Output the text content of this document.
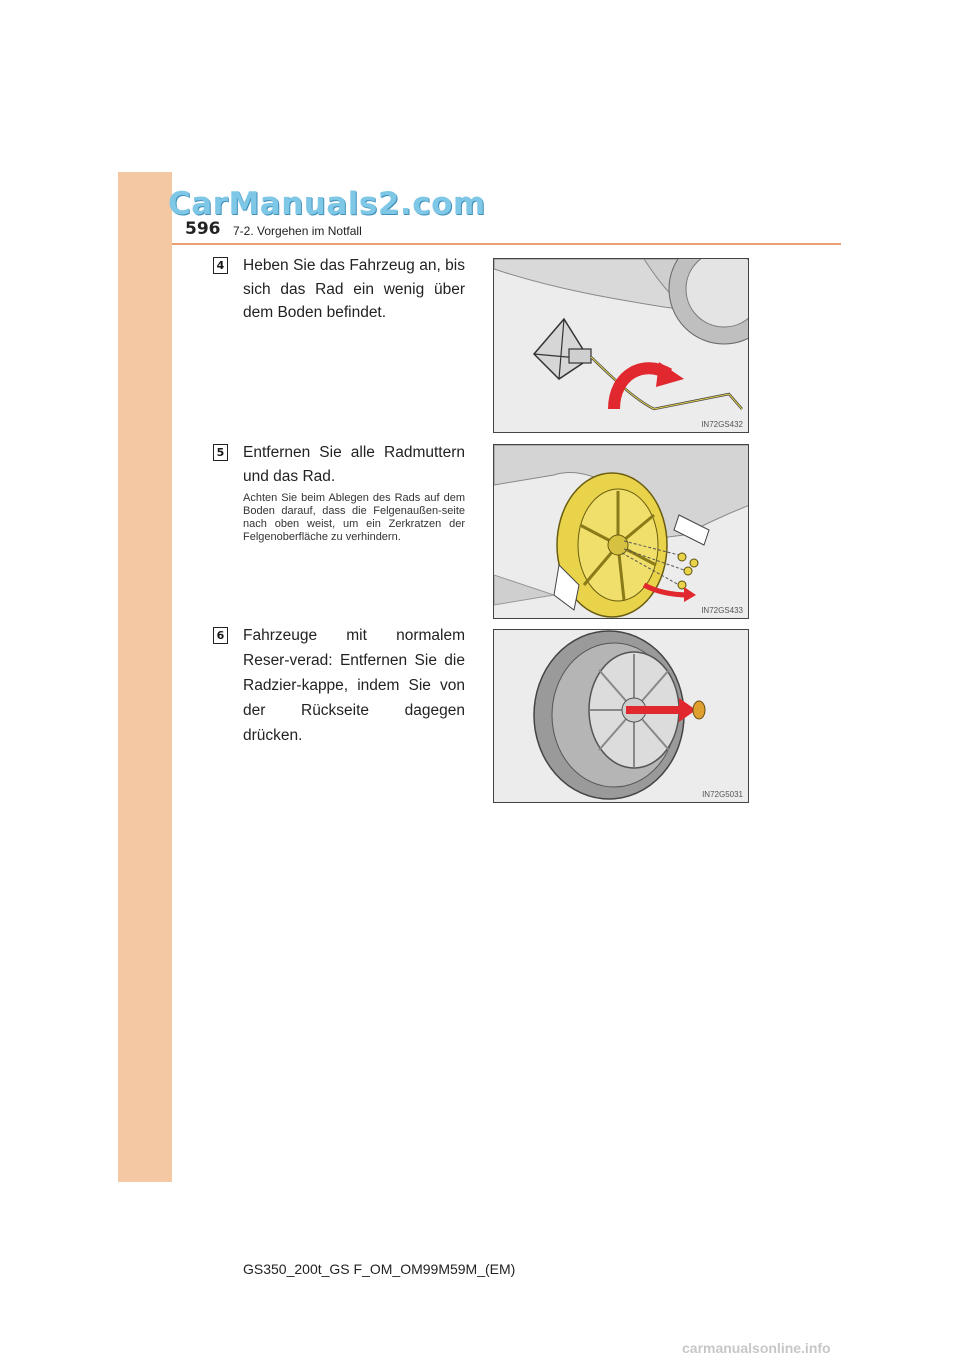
CarManuals2.com
596 7-2. Vorgehen im Notfall
4 Heben Sie das Fahrzeug an, bis sich das Rad ein wenig über dem Boden befindet.
IN72GS432
5 Entfernen Sie alle Radmuttern und das Rad.
Achten Sie beim Ablegen des Rads auf dem Boden darauf, dass die Felgenaußen-seite nach oben weist, um ein Zerkratzen der Felgenoberfläche zu verhindern.
IN72GS433
6 Fahrzeuge mit normalem Reser-verad: Entfernen Sie die Radzier-kappe, indem Sie von der Rückseite dagegen drücken.
IN72G5031
GS350_200t_GS F_OM_OM99M59M_(EM)
carmanualsonline.info
